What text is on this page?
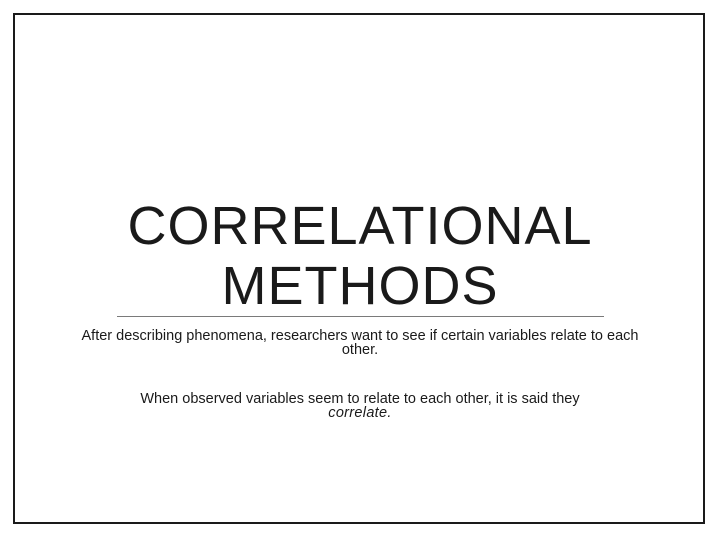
CORRELATIONAL
METHODS

After describing phenomena, researchers want to see if certain variables relate to each other.

When observed variables seem to relate to each other, it is said they
correlate.
